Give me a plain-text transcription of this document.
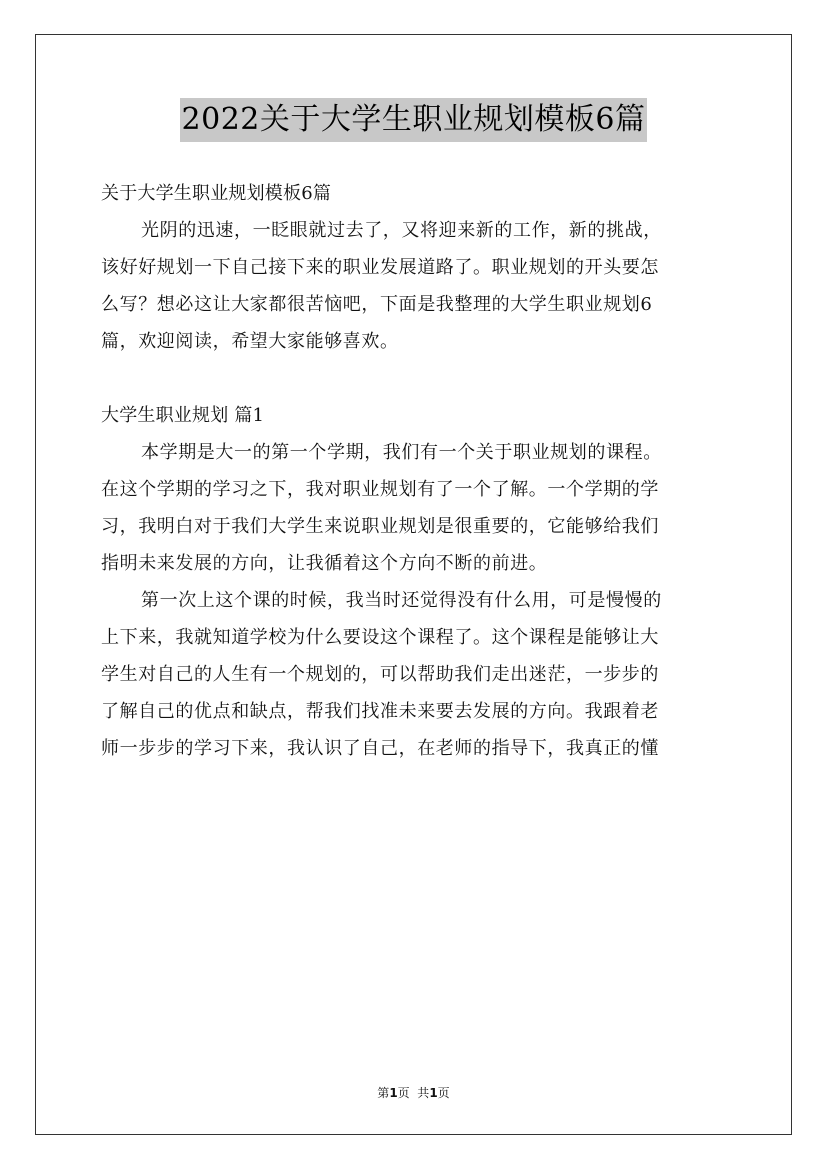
2022关于大学生职业规划模板6篇
关于大学生职业规划模板6篇
光阴的迅速，一眨眼就过去了，又将迎来新的工作，新的挑战，
该好好规划一下自己接下来的职业发展道路了。职业规划的开头要怎
么写？想必这让大家都很苦恼吧，下面是我整理的大学生职业规划6
篇，欢迎阅读，希望大家能够喜欢。
大学生职业规划 篇1
本学期是大一的第一个学期，我们有一个关于职业规划的课程。
在这个学期的学习之下，我对职业规划有了一个了解。一个学期的学
习，我明白对于我们大学生来说职业规划是很重要的，它能够给我们
指明未来发展的方向，让我循着这个方向不断的前进。
第一次上这个课的时候，我当时还觉得没有什么用，可是慢慢的
上下来，我就知道学校为什么要设这个课程了。这个课程是能够让大
学生对自己的人生有一个规划的，可以帮助我们走出迷茫，一步步的
了解自己的优点和缺点，帮我们找准未来要去发展的方向。我跟着老
师一步步的学习下来，我认识了自己，在老师的指导下，我真正的懂
第1页  共1页
